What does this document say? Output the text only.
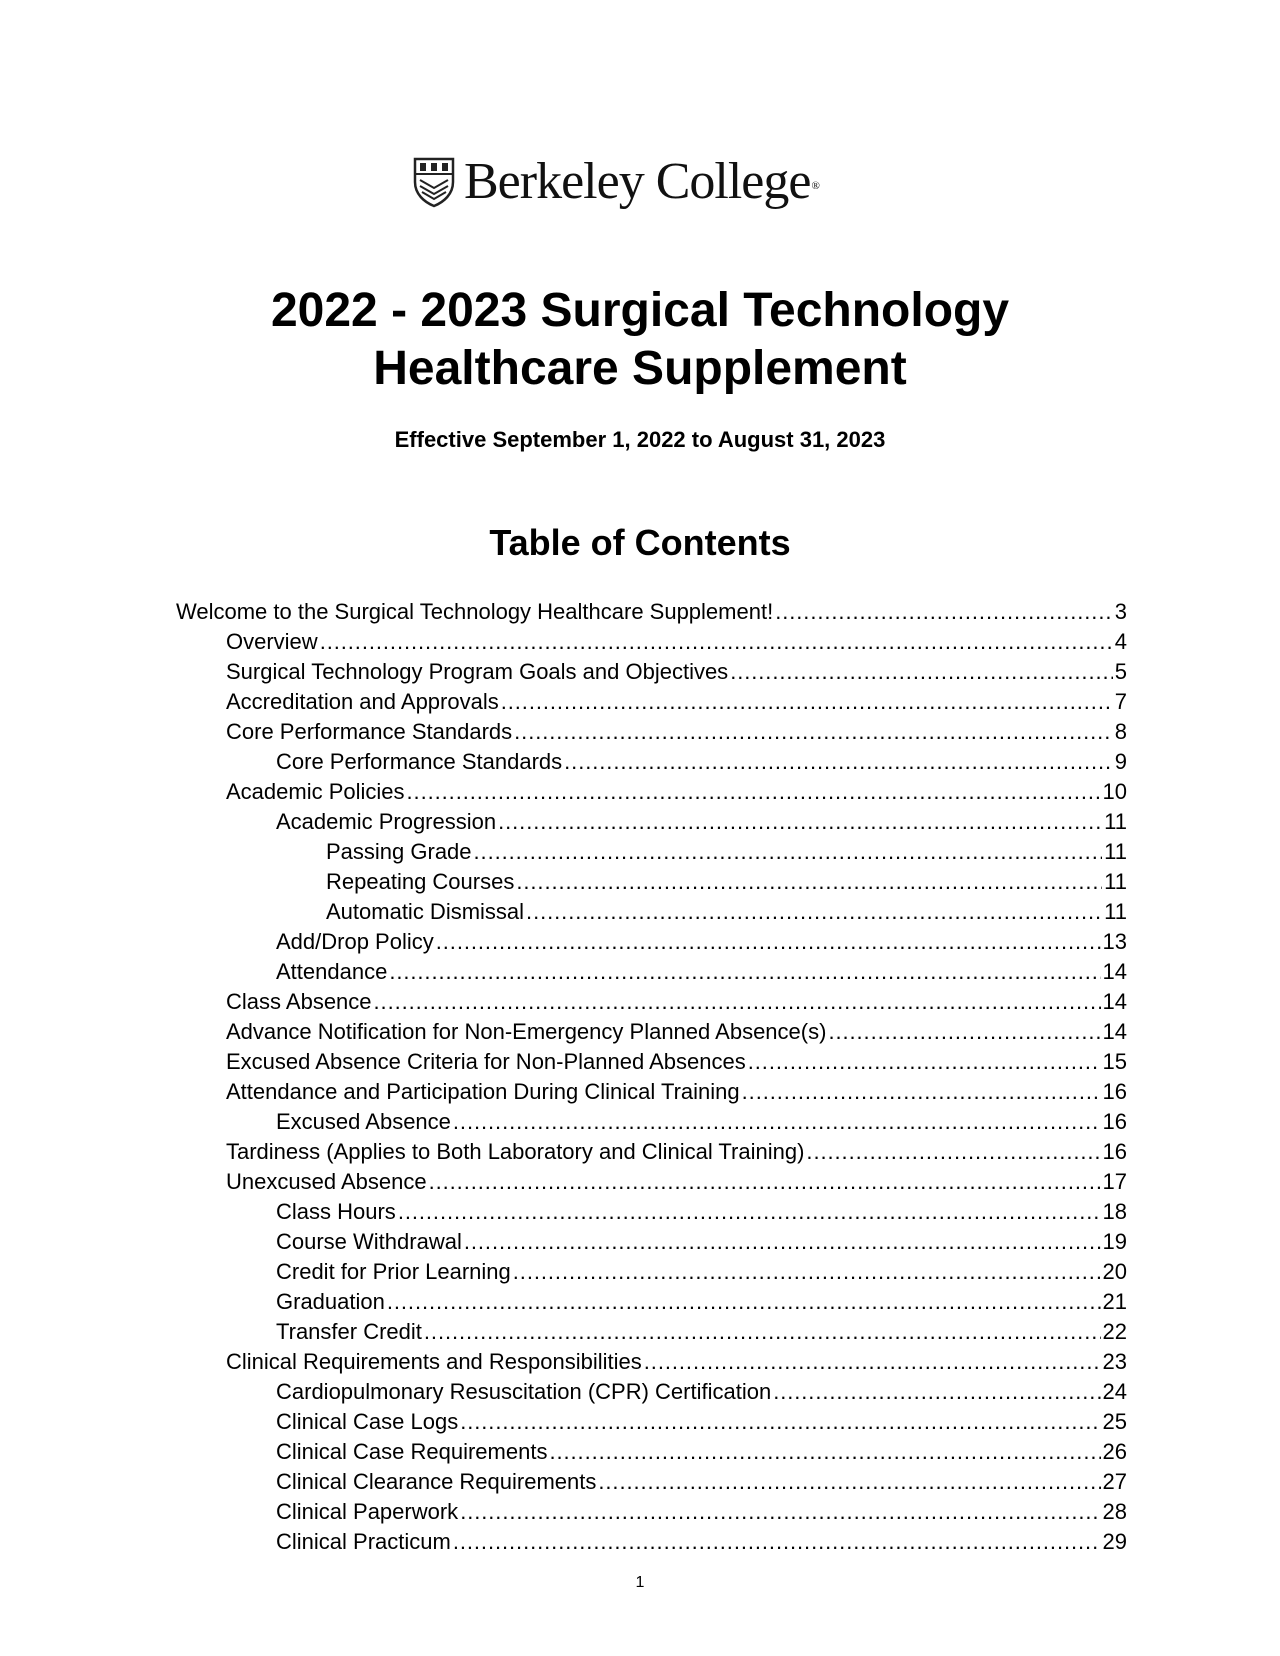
Berkeley College ®
2022 - 2023 Surgical Technology
Healthcare Supplement

Effective September 1, 2022 to August 31, 2023

Table of Contents
Welcome to the Surgical Technology Healthcare Supplement! . . .	3
Overview . . .	4
Surgical Technology Program Goals and Objectives . . .	5
Accreditation and Approvals . . .	7
Core Performance Standards . . .	8
Core Performance Standards . . .	9
Academic Policies . . .	10
Academic Progression . . .	11
Passing Grade . . .	11
Repeating Courses . . .	11
Automatic Dismissal . . .	11
Add/Drop Policy . . .	13
Attendance . . .	14
Class Absence . . .	14
Advance Notification for Non-Emergency Planned Absence(s) . . .	14
Excused Absence Criteria for Non-Planned Absences . . .	15
Attendance and Participation During Clinical Training . . .	16
Excused Absence . . .	16
Tardiness (Applies to Both Laboratory and Clinical Training) . . .	16
Unexcused Absence . . .	17
Class Hours . . .	18
Course Withdrawal . . .	19
Credit for Prior Learning . . .	20
Graduation . . .	21
Transfer Credit . . .	22
Clinical Requirements and Responsibilities . . .	23
Cardiopulmonary Resuscitation (CPR) Certification . . .	24
Clinical Case Logs . . .	25
Clinical Case Requirements . . .	26
Clinical Clearance Requirements . . .	27
Clinical Paperwork . . .	28
Clinical Practicum . . .	29

1
